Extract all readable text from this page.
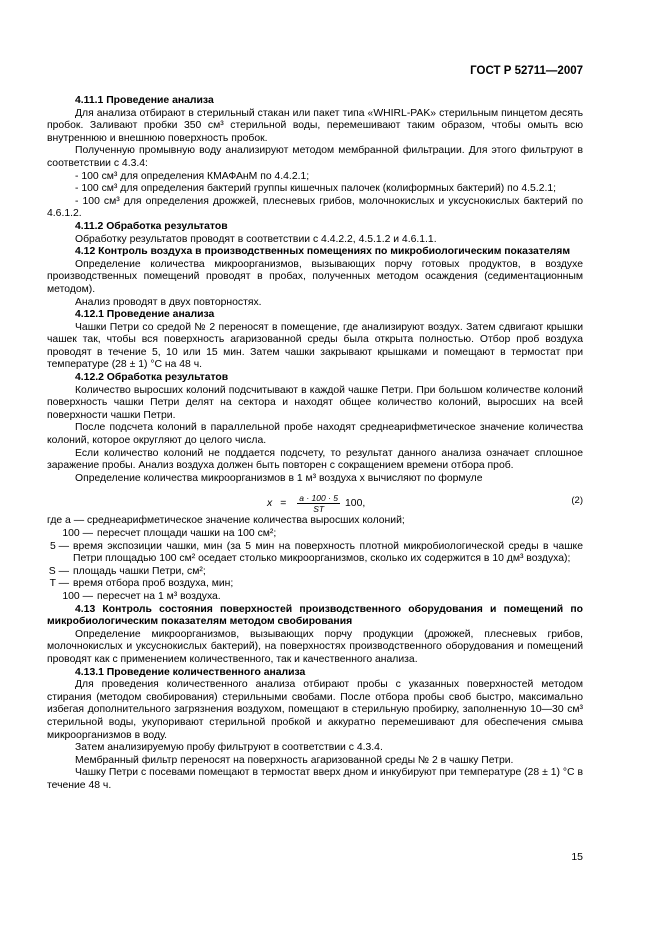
ГОСТ Р 52711—2007

4.11.1 Проведение анализа

Для анализа отбирают в стерильный стакан или пакет типа «WHIRL-PAK» стерильным пинцетом десять пробок. Заливают пробки 350 см³ стерильной воды, перемешивают таким образом, чтобы омыть всю внутреннюю и внешнюю поверхность пробок.

Полученную промывную воду анализируют методом мембранной фильтрации. Для этого фильтруют в соответствии с 4.3.4:

- 100 см³ для определения КМАФАнМ по 4.4.2.1;

- 100 см³ для определения бактерий группы кишечных палочек (колиформных бактерий) по 4.5.2.1;

- 100 см³ для определения дрожжей, плесневых грибов, молочнокислых и уксуснокислых бактерий по 4.6.1.2.

4.11.2 Обработка результатов

Обработку результатов проводят в соответствии с 4.4.2.2, 4.5.1.2 и 4.6.1.1.

4.12 Контроль воздуха в производственных помещениях по микробиологическим показателям

Определение количества микроорганизмов, вызывающих порчу готовых продуктов, в воздухе производственных помещений проводят в пробах, полученных методом осаждения (седиментационным методом).

Анализ проводят в двух повторностях.

4.12.1 Проведение анализа

Чашки Петри со средой № 2 переносят в помещение, где анализируют воздух. Затем сдвигают крышки чашек так, чтобы вся поверхность агаризованной среды была открыта полностью. Отбор проб воздуха проводят в течение 5, 10 или 15 мин. Затем чашки закрывают крышками и помещают в термостат при температуре (28 ± 1) °С на 48 ч.

4.12.2 Обработка результатов

Количество выросших колоний подсчитывают в каждой чашке Петри. При большом количестве колоний поверхность чашки Петри делят на сектора и находят общее количество колоний, выросших на всей поверхности чашки Петри.

После подсчета колоний в параллельной пробе находят среднеарифметическое значение количества колоний, которое округляют до целого числа.

Если количество колоний не поддается подсчету, то результат данного анализа означает сплошное заражение пробы. Анализ воздуха должен быть повторен с сокращением времени отбора проб.

Определение количества микроорганизмов в 1 м³ воздуха x вычисляют по формуле

$x = \frac{a \cdot 100 \cdot 5}{ST} 100$,	(2)

где a — среднеарифметическое значение количества выросших колоний;

100 — пересчет площади чашки на 100 см²;
5 — время экспозиции чашки, мин (за 5 мин на поверхность плотной микробиологической среды в чашке Петри площадью 100 см² оседает столько микроорганизмов, сколько их содержится в 10 дм³ воздуха);
S — площадь чашки Петри, см²;
T — время отбора проб воздуха, мин;
100 — пересчет на 1 м³ воздуха.

4.13 Контроль состояния поверхностей производственного оборудования и помещений по микробиологическим показателям методом свобирования

Определение микроорганизмов, вызывающих порчу продукции (дрожжей, плесневых грибов, молочнокислых и уксуснокислых бактерий), на поверхностях производственного оборудования и помещений проводят как с применением количественного, так и качественного анализа.

4.13.1 Проведение количественного анализа

Для проведения количественного анализа отбирают пробы с указанных поверхностей методом стирания (методом свобирования) стерильными свобами. После отбора пробы своб быстро, максимально избегая дополнительного загрязнения воздухом, помещают в стерильную пробирку, заполненную 10—30 см³ стерильной воды, укупоривают стерильной пробкой и аккуратно перемешивают для обеспечения смыва микроорганизмов в воду.

Затем анализируемую пробу фильтруют в соответствии с 4.3.4.

Мембранный фильтр переносят на поверхность агаризованной среды № 2 в чашку Петри.

Чашку Петри с посевами помещают в термостат вверх дном и инкубируют при температуре (28 ± 1) °С в течение 48 ч.

15
